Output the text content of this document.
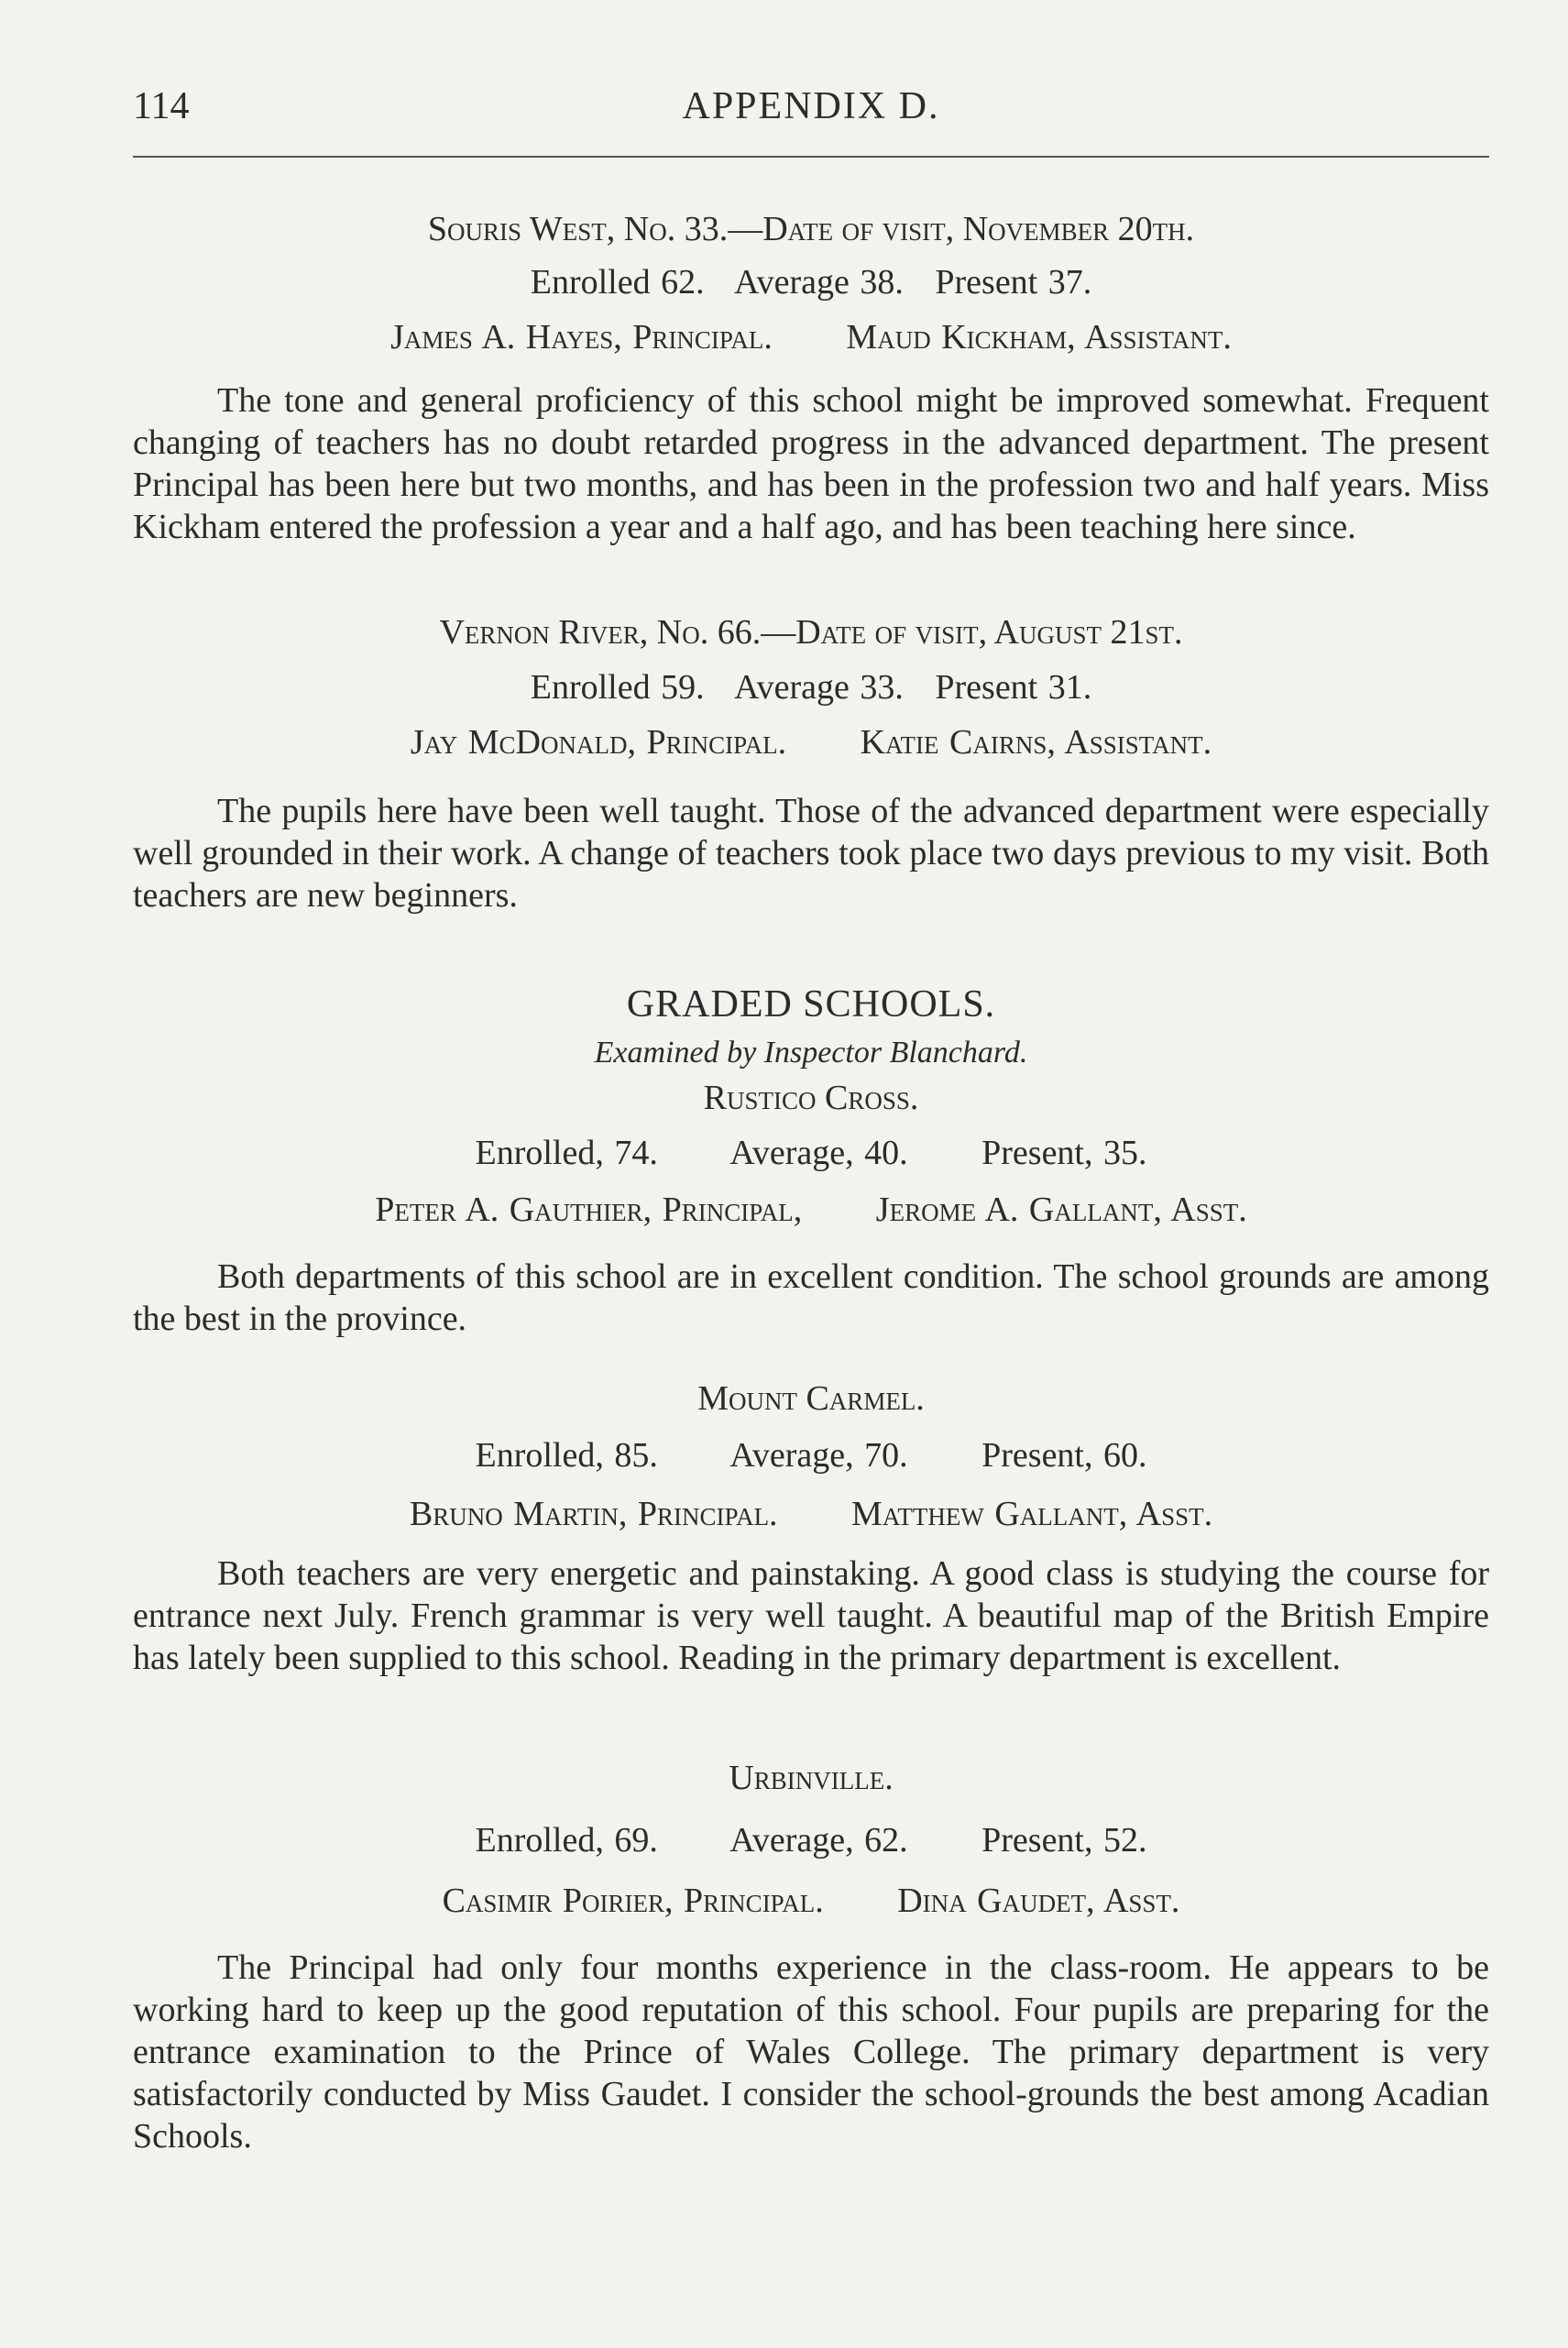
114	APPENDIX D.
Souris West, No. 33.—Date of visit, November 20th.
Enrolled 62.   Average 38.   Present 37.
James A. Hayes, Principal.       Maud Kickham, Assistant.
The tone and general proficiency of this school might be improved somewhat. Frequent changing of teachers has no doubt retarded progress in the advanced department. The present Principal has been here but two months, and has been in the profession two and half years. Miss Kickham entered the profession a year and a half ago, and has been teaching here since.
Vernon River, No. 66.—Date of visit, August 21st.
Enrolled 59.   Average 33.   Present 31.
Jay McDonald, Principal.       Katie Cairns, Assistant.
The pupils here have been well taught. Those of the advanced department were especially well grounded in their work. A change of teachers took place two days previous to my visit. Both teachers are new beginners.
GRADED SCHOOLS.
Examined by Inspector Blanchard.
Rustico Cross.
Enrolled, 74.       Average, 40.       Present, 35.
Peter A. Gauthier, Principal,       Jerome A. Gallant, Asst.
Both departments of this school are in excellent condition. The school grounds are among the best in the province.
Mount Carmel.
Enrolled, 85.       Average, 70.       Present, 60.
Bruno Martin, Principal.       Matthew Gallant, Asst.
Both teachers are very energetic and painstaking. A good class is studying the course for entrance next July. French grammar is very well taught. A beautiful map of the British Empire has lately been supplied to this school. Reading in the primary department is excellent.
Urbinville.
Enrolled, 69.       Average, 62.       Present, 52.
Casimir Poirier, Principal.       Dina Gaudet, Asst.
The Principal had only four months experience in the class-room. He appears to be working hard to keep up the good reputation of this school. Four pupils are preparing for the entrance examination to the Prince of Wales College. The primary department is very satisfactorily conducted by Miss Gaudet. I consider the school-grounds the best among Acadian Schools.
